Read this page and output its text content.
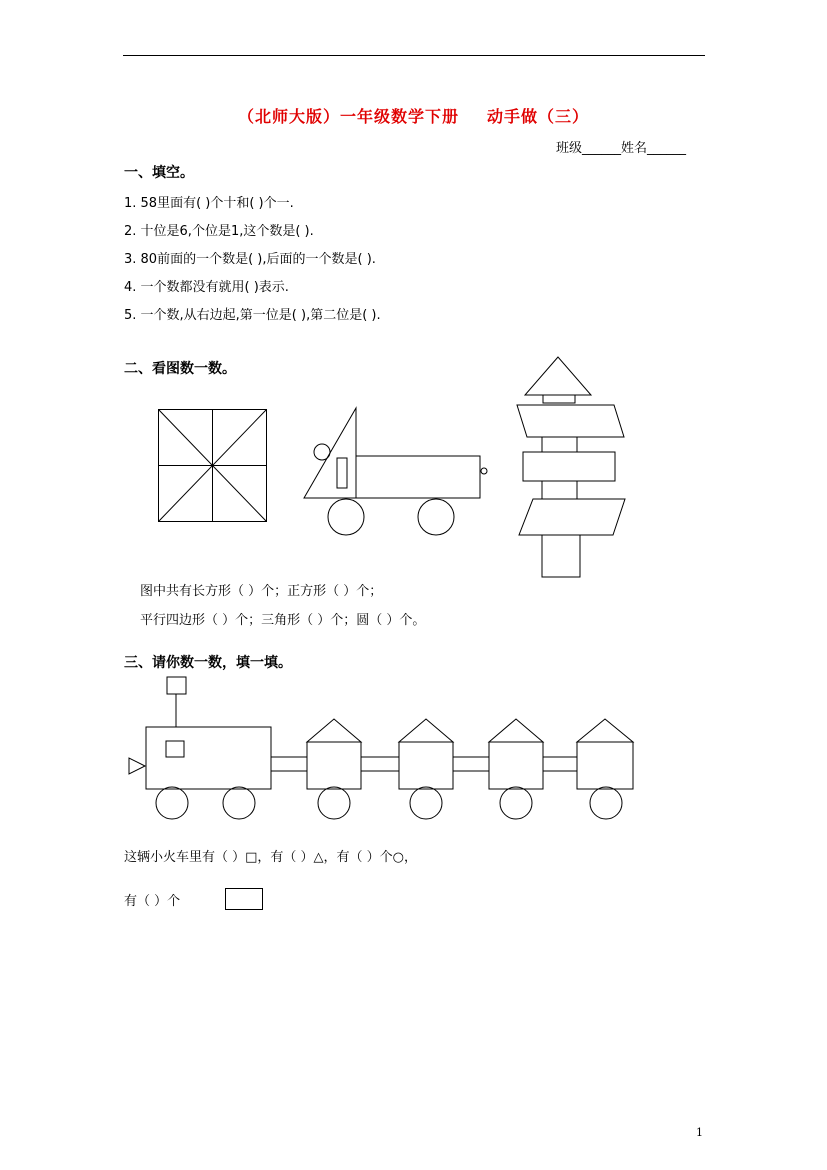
（北师大版）一年级数学下册 动手做（三）
班级______姓名______
一、填空。
1. 58里面有( )个十和( )个一.
2. 十位是6,个位是1,这个数是( ).
3. 80前面的一个数是( ),后面的一个数是( ).
4. 一个数都没有就用( )表示.
5. 一个数,从右边起,第一位是( ),第二位是( ).
二、看图数一数。
图中共有长方形（ ）个；正方形（ ）个；
平行四边形（ ）个；三角形（ ）个；圆（ ）个。
三、请你数一数，填一填。
这辆小火车里有（ ）□，有（ ）△，有（ ）个○，
有（ ）个
1
